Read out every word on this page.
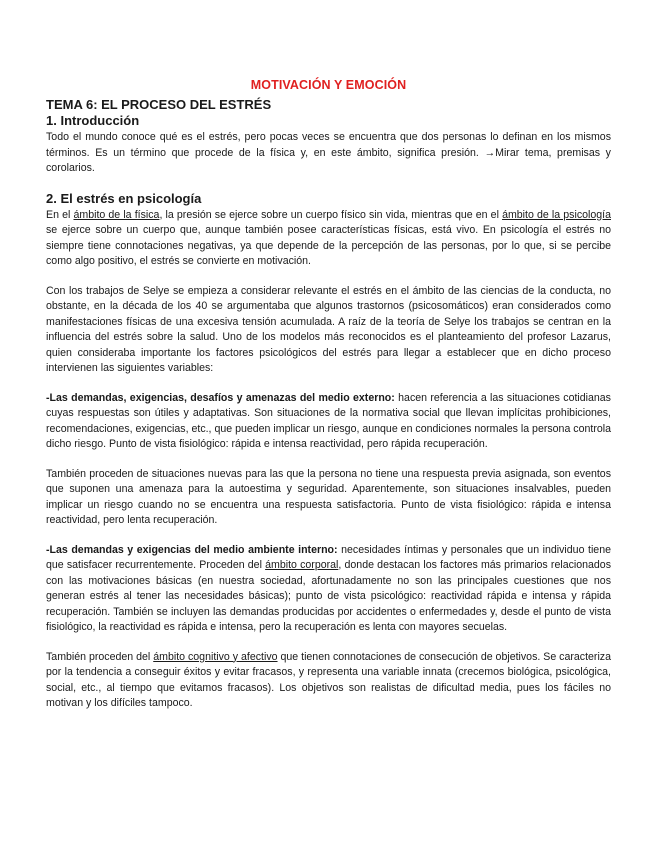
MOTIVACIÓN Y EMOCIÓN
TEMA 6: EL PROCESO DEL ESTRÉS
1. Introducción

Todo el mundo conoce qué es el estrés, pero pocas veces se encuentra que dos personas lo definan en los mismos términos. Es un término que procede de la física y, en este ámbito, significa presión. →Mirar tema, premisas y corolarios.

2. El estrés en psicología

En el ámbito de la física, la presión se ejerce sobre un cuerpo físico sin vida, mientras que en el ámbito de la psicología se ejerce sobre un cuerpo que, aunque también posee características físicas, está vivo. En psicología el estrés no siempre tiene connotaciones negativas, ya que depende de la percepción de las personas, por lo que, si se percibe como algo positivo, el estrés se convierte en motivación.

Con los trabajos de Selye se empieza a considerar relevante el estrés en el ámbito de las ciencias de la conducta, no obstante, en la década de los 40 se argumentaba que algunos trastornos (psicosomáticos) eran considerados como manifestaciones físicas de una excesiva tensión acumulada. A raíz de la teoría de Selye los trabajos se centran en la influencia del estrés sobre la salud. Uno de los modelos más reconocidos es el planteamiento del profesor Lazarus, quien consideraba importante los factores psicológicos del estrés para llegar a establecer que en dicho proceso intervienen las siguientes variables:

-Las demandas, exigencias, desafíos y amenazas del medio externo: hacen referencia a las situaciones cotidianas cuyas respuestas son útiles y adaptativas. Son situaciones de la normativa social que llevan implícitas prohibiciones, recomendaciones, exigencias, etc., que pueden implicar un riesgo, aunque en condiciones normales la persona controla dicho riesgo. Punto de vista fisiológico: rápida e intensa reactividad, pero rápida recuperación.

También proceden de situaciones nuevas para las que la persona no tiene una respuesta previa asignada, son eventos que suponen una amenaza para la autoestima y seguridad. Aparentemente, son situaciones insalvables, pueden implicar un riesgo cuando no se encuentra una respuesta satisfactoria. Punto de vista fisiológico: rápida e intensa reactividad, pero lenta recuperación.

-Las demandas y exigencias del medio ambiente interno: necesidades íntimas y personales que un individuo tiene que satisfacer recurrentemente. Proceden del ámbito corporal, donde destacan los factores más primarios relacionados con las motivaciones básicas (en nuestra sociedad, afortunadamente no son las principales cuestiones que nos generan estrés al tener las necesidades básicas); punto de vista psicológico: reactividad rápida e intensa y rápida recuperación. También se incluyen las demandas producidas por accidentes o enfermedades y, desde el punto de vista fisiológico, la reactividad es rápida e intensa, pero la recuperación es lenta con mayores secuelas.

También proceden del ámbito cognitivo y afectivo que tienen connotaciones de consecución de objetivos. Se caracteriza por la tendencia a conseguir éxitos y evitar fracasos, y representa una variable innata (crecemos biológica, psicológica, social, etc., al tiempo que evitamos fracasos). Los objetivos son realistas de dificultad media, pues los fáciles no motivan y los difíciles tampoco.
